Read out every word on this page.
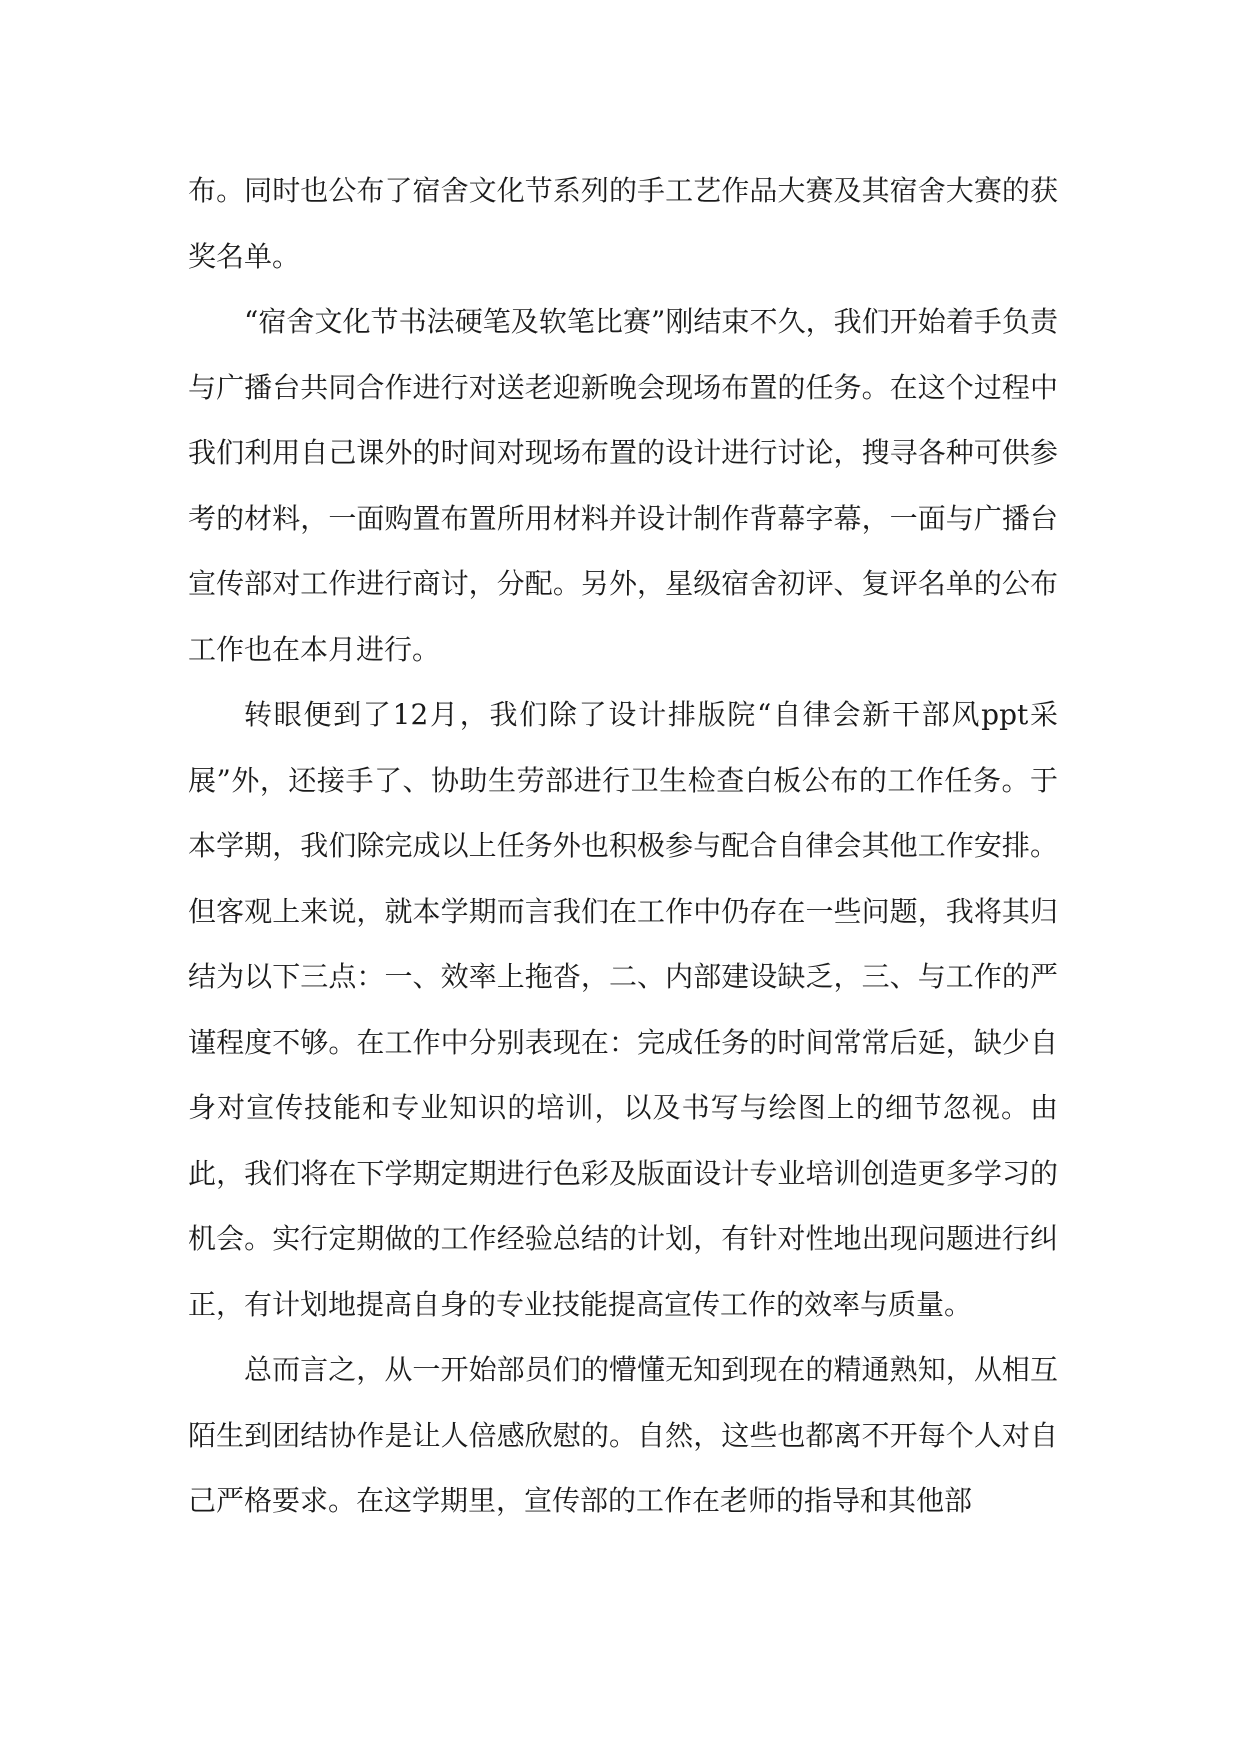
布。同时也公布了宿舍文化节系列的手工艺作品大赛及其宿舍大赛的获奖名单。

“宿舍文化节书法硬笔及软笔比赛”刚结束不久，我们开始着手负责与广播台共同合作进行对送老迎新晚会现场布置的任务。在这个过程中我们利用自己课外的时间对现场布置的设计进行讨论，搜寻各种可供参考的材料，一面购置布置所用材料并设计制作背幕字幕，一面与广播台宣传部对工作进行商讨，分配。另外，星级宿舍初评、复评名单的公布工作也在本月进行。

转眼便到了12月，我们除了设计排版院“自律会新干部风ppt采展”外，还接手了、协助生劳部进行卫生检查白板公布的工作任务。于本学期，我们除完成以上任务外也积极参与配合自律会其他工作安排。但客观上来说，就本学期而言我们在工作中仍存在一些问题，我将其归结为以下三点：一、效率上拖沓，二、内部建设缺乏，三、与工作的严谨程度不够。在工作中分别表现在：完成任务的时间常常后延，缺少自身对宣传技能和专业知识的培训，以及书写与绘图上的细节忽视。由此，我们将在下学期定期进行色彩及版面设计专业培训创造更多学习的机会。实行定期做的工作经验总结的计划，有针对性地出现问题进行纠正，有计划地提高自身的专业技能提高宣传工作的效率与质量。

总而言之，从一开始部员们的懵懂无知到现在的精通熟知，从相互陌生到团结协作是让人倍感欣慰的。自然，这些也都离不开每个人对自己严格要求。在这学期里，宣传部的工作在老师的指导和其他部
